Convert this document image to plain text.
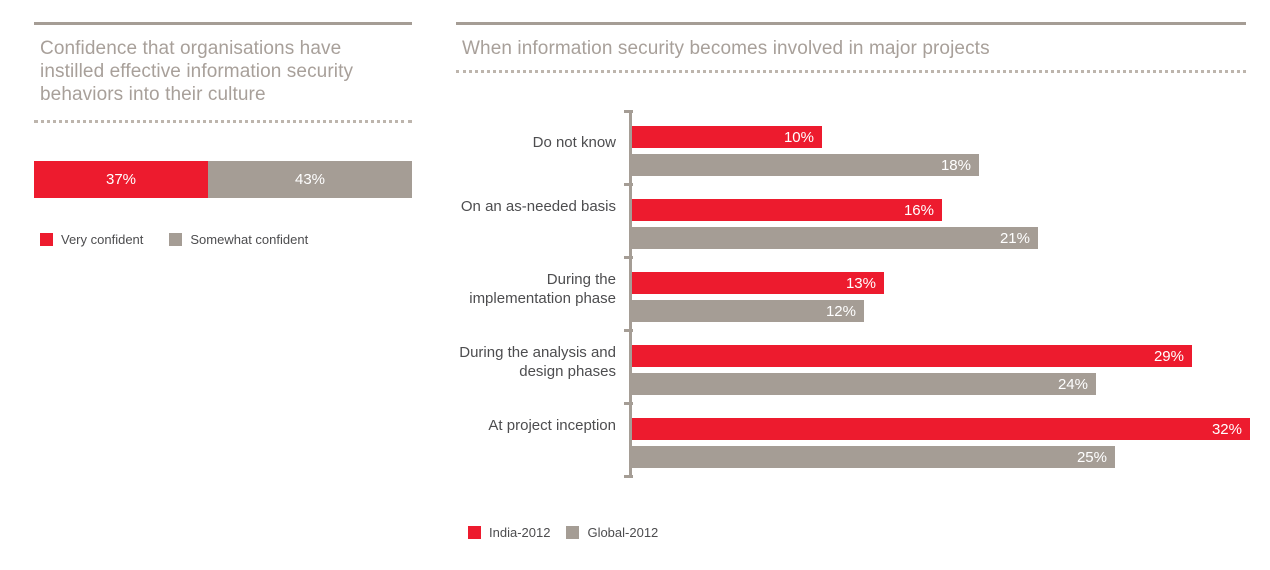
Confidence that organisations have instilled effective information security behaviors into their culture
37%	43%
Very confident	Somewhat confident
When information security becomes involved in major projects
Do not know	10%
18%
On an as-needed basis	16%
21%
During the implementation phase
13%
12%
During the analysis and design phases
29%
24%
At project inception	32%
25%
India-2012	Global-2012
